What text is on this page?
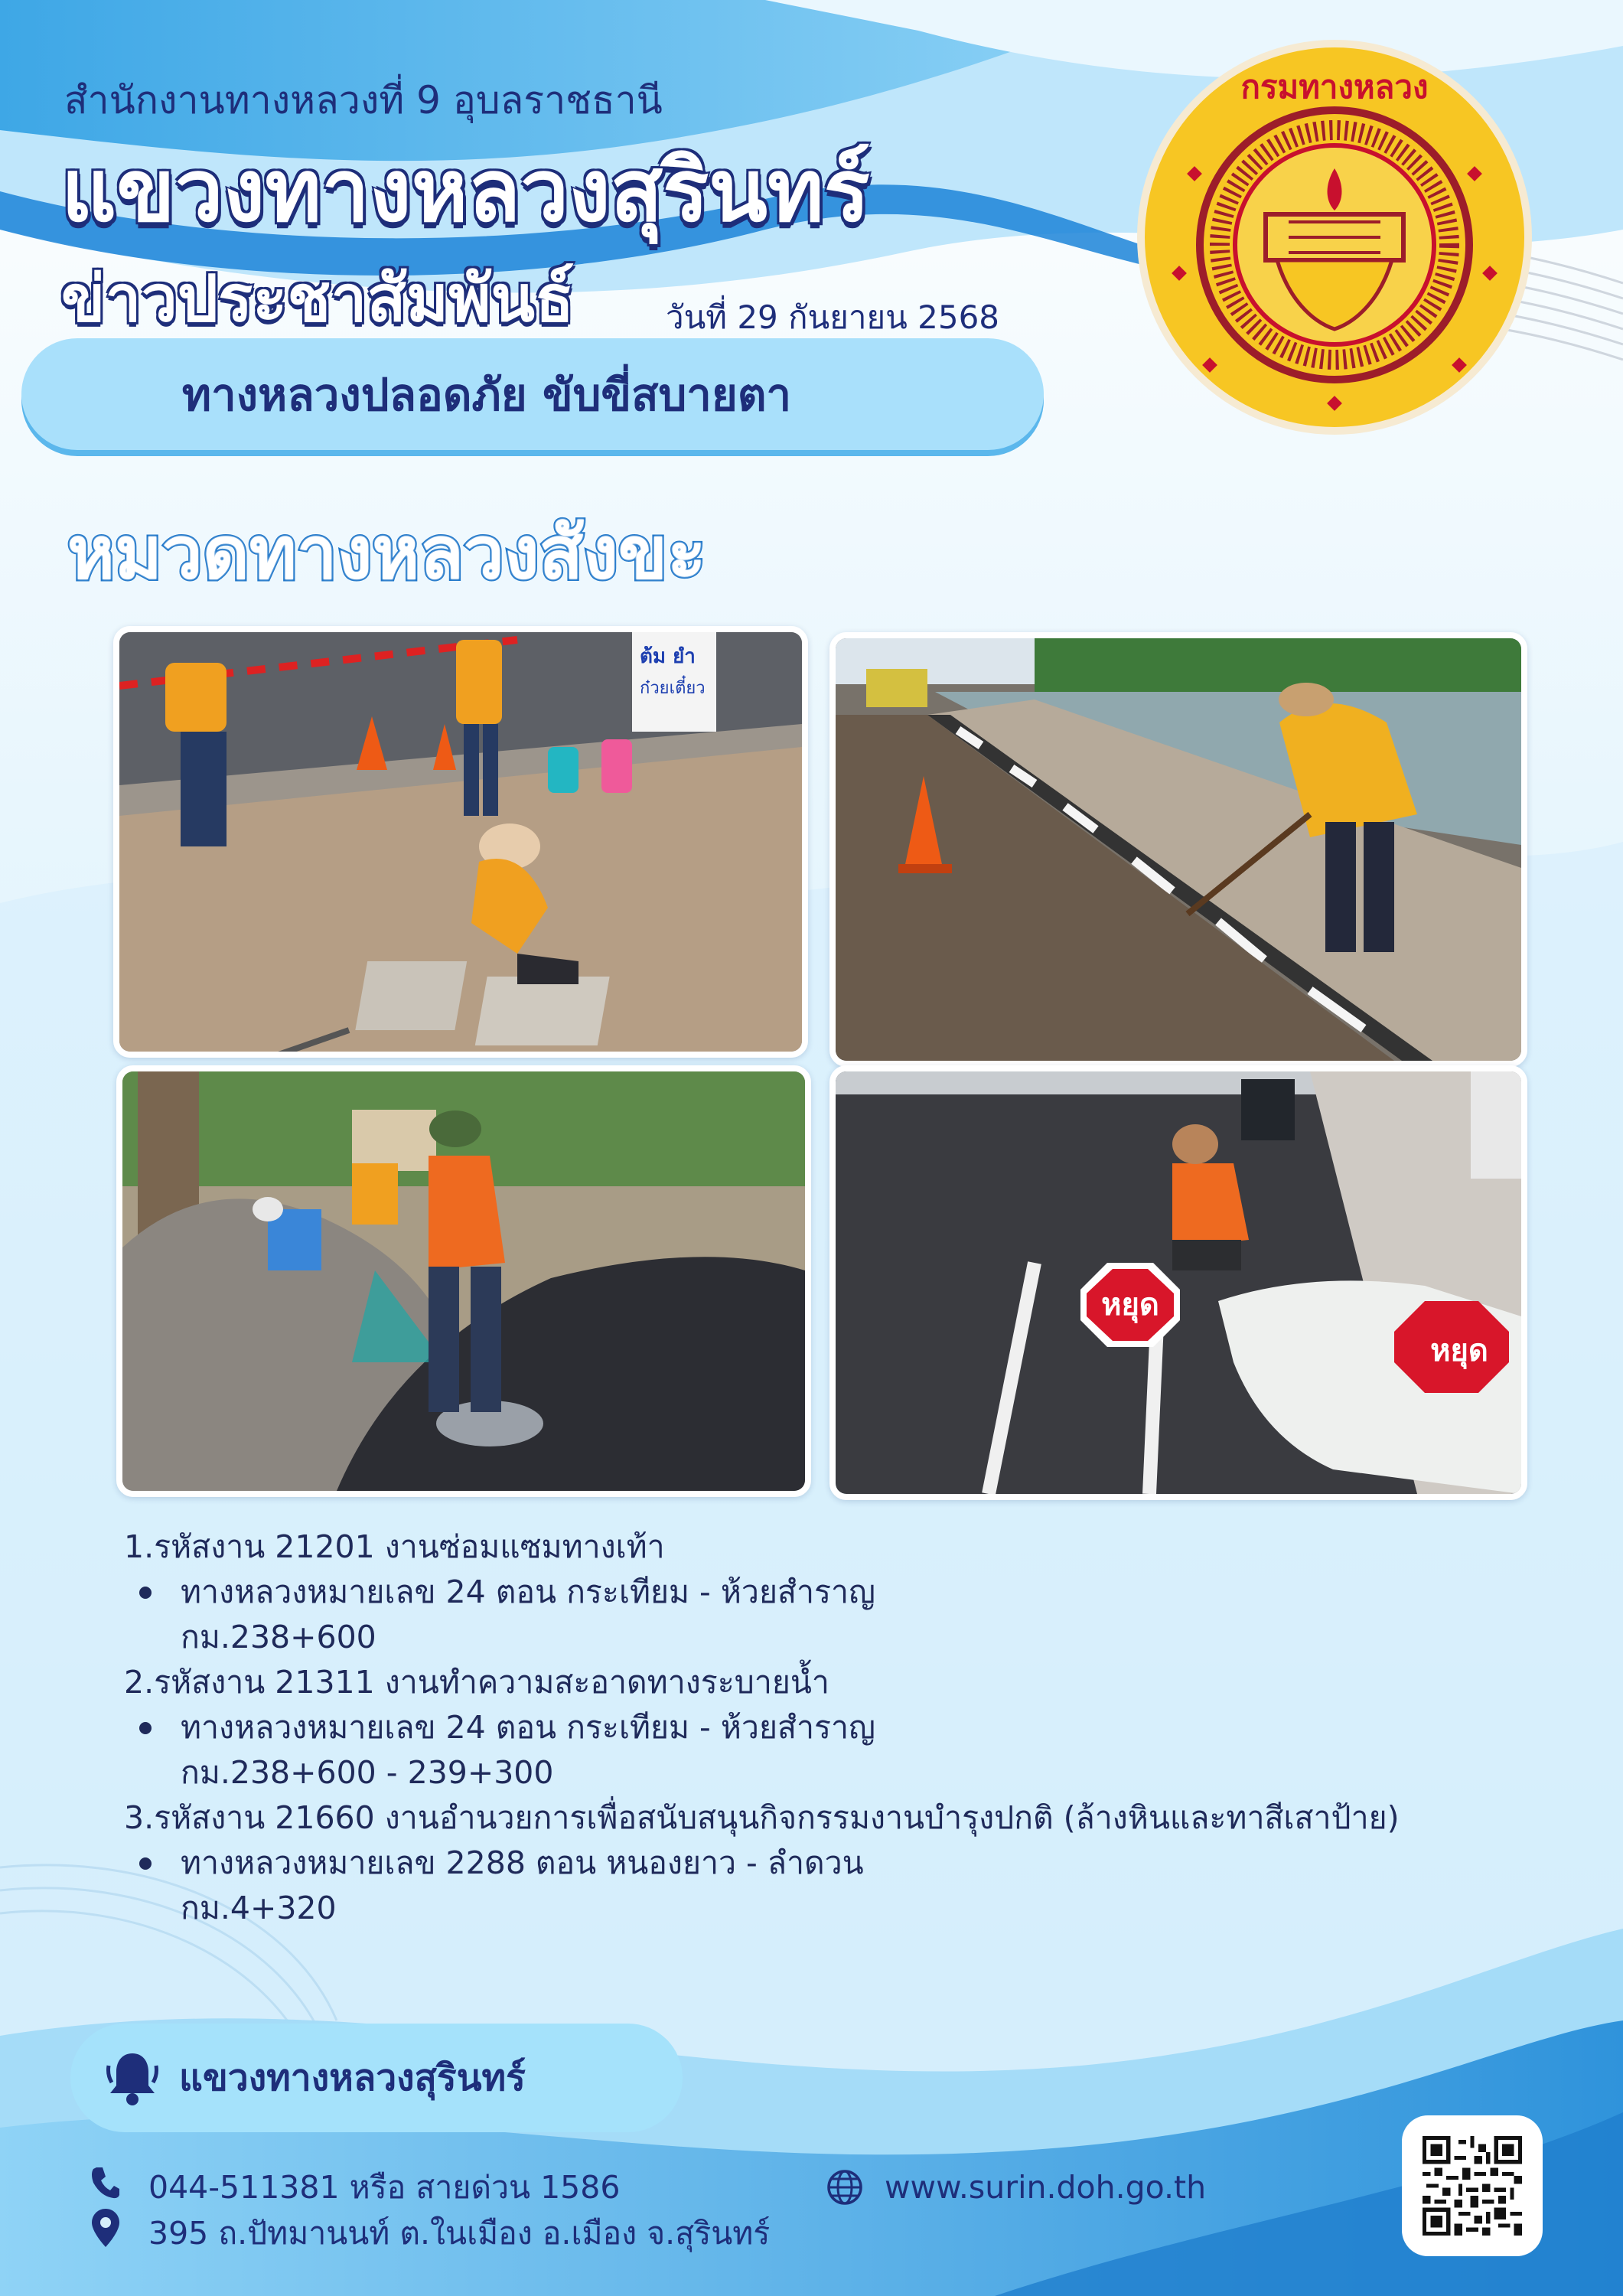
สำนักงานทางหลวงที่ 9 อุบลราชธานี
แขวงทางหลวงสุรินทร์
ข่าวประชาสัมพันธ์	วันที่ 29 กันยายน 2568
กรมทางหลวง
ทางหลวงปลอดภัย ขับขี่สบายตา
หมวดทางหลวงสังขะ
ต้ม ยำ
ก๋วยเตี๋ยว
หยุด
หยุด
1.รหัสงาน 21201 งานซ่อมแซมทางเท้า
ทางหลวงหมายเลข 24 ตอน กระเทียม - ห้วยสำราญ
กม.238+600
2.รหัสงาน 21311 งานทำความสะอาดทางระบายน้ำ
ทางหลวงหมายเลข 24 ตอน กระเทียม - ห้วยสำราญ
กม.238+600 - 239+300
3.รหัสงาน 21660 งานอำนวยการเพื่อสนับสนุนกิจกรรมงานบำรุงปกติ (ล้างหินและทาสีเสาป้าย)
ทางหลวงหมายเลข 2288 ตอน หนองยาว - ลำดวน
กม.4+320
แขวงทางหลวงสุรินทร์
044-511381 หรือ สายด่วน 1586
395 ถ.ปัทมานนท์ ต.ในเมือง อ.เมือง จ.สุรินทร์
www.surin.doh.go.th
